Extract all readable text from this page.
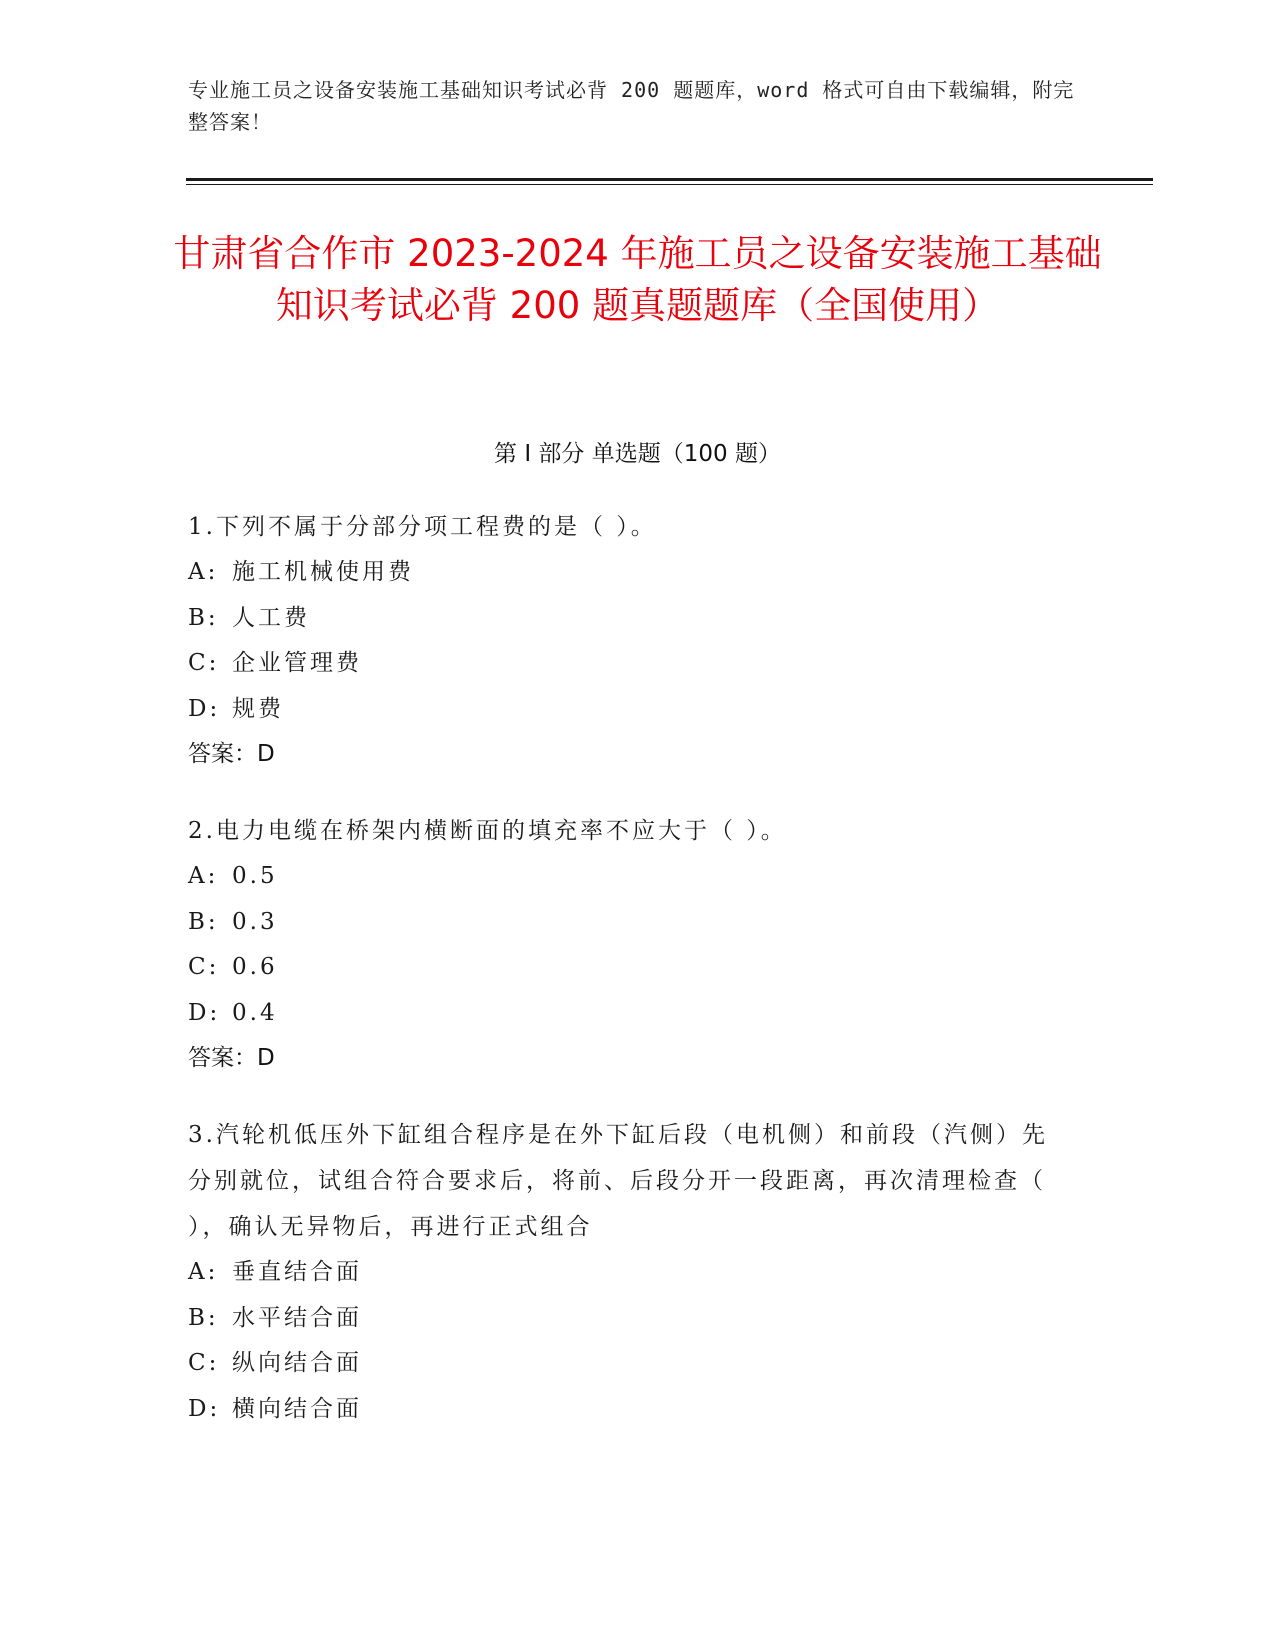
专业施工员之设备安装施工基础知识考试必背 200 题题库，word 格式可自由下载编辑，附完整答案！
甘肃省合作市 2023-2024 年施工员之设备安装施工基础知识考试必背 200 题真题题库（全国使用）
第 I 部分 单选题（100 题）
1.下列不属于分部分项工程费的是（ ）。
A: 施工机械使用费
B: 人工费
C: 企业管理费
D: 规费
答案：D
2.电力电缆在桥架内横断面的填充率不应大于（ ）。
A: 0.5
B: 0.3
C: 0.6
D: 0.4
答案：D
3.汽轮机低压外下缸组合程序是在外下缸后段（电机侧）和前段（汽侧）先分别就位，试组合符合要求后，将前、后段分开一段距离，再次清理检查（ ），确认无异物后，再进行正式组合
A: 垂直结合面
B: 水平结合面
C: 纵向结合面
D: 横向结合面
